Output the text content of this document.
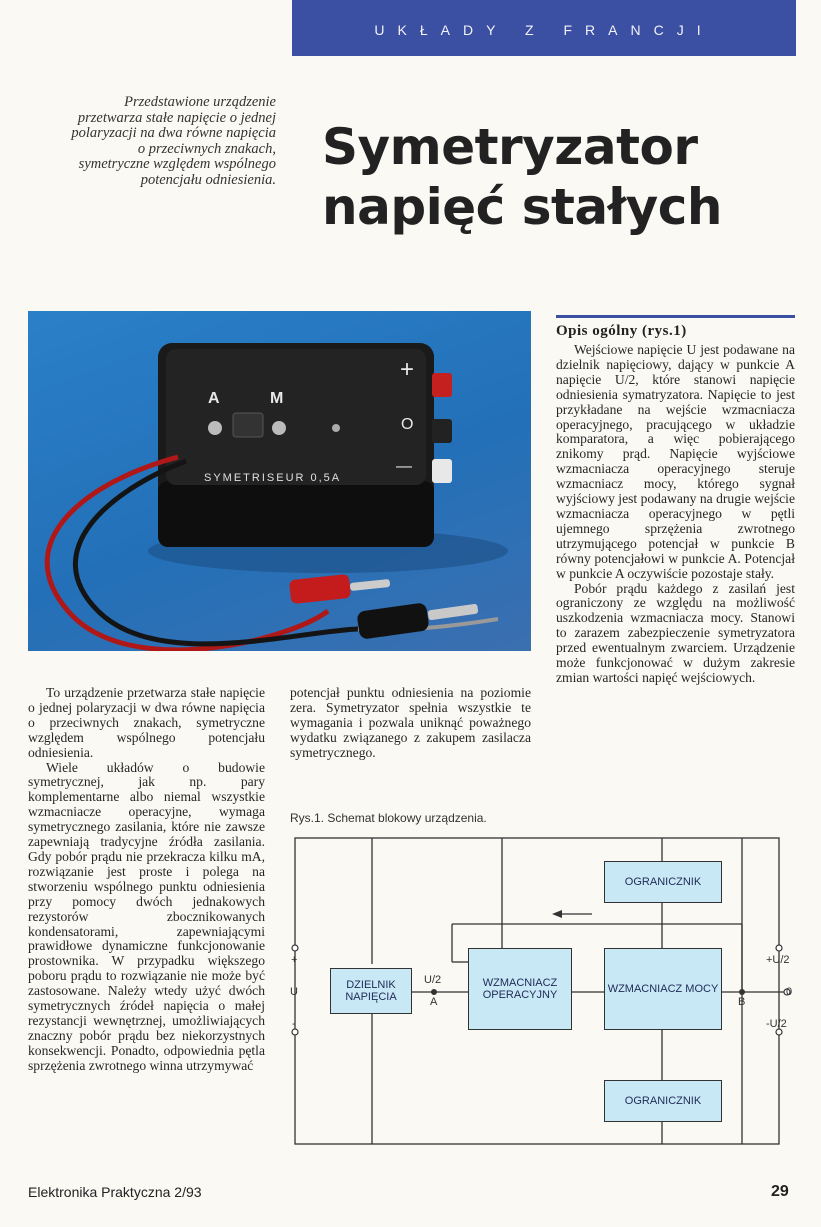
UKŁADY Z FRANCJI
Przedstawione urządzenie przetwarza stałe napięcie o jednej polaryzacji na dwa równe napięcia o przeciwnych znakach, symetryczne względem wspólnego potencjału odniesienia.
Symetryzator
napięć stałych
A	M
SYMETRISEUR 0,5A
+
O
—
Opis ogólny (rys.1)

Wejściowe napięcie U jest podawane na dzielnik napięciowy, dający w punkcie A napięcie U/2, które stanowi napięcie odniesienia symatryzatora. Napięcie to jest przykładane na wejście wzmacniacza operacyjnego, pracującego w układzie komparatora, a więc pobierającego znikomy prąd. Napięcie wyjściowe wzmacniacza operacyjnego steruje wzmacniacz mocy, którego sygnał wyjściowy jest podawany na drugie wejście wzmacniacza operacyjnego w pętli ujemnego sprzężenia zwrotnego utrzymującego potencjał w punkcie B równy potencjałowi w punkcie A. Potencjał w punkcie A oczywiście pozostaje stały.

Pobór prądu każdego z zasilań jest ograniczony ze względu na możliwość uszkodzenia wzmacniacza mocy. Stanowi to zarazem zabezpieczenie symetryzatora przed ewentualnym zwarciem. Urządzenie może funkcjonować w dużym zakresie zmian wartości napięć wejściowych.

To urządzenie przetwarza stałe napięcie o jednej polaryzacji w dwa równe napięcia o przeciwnych znakach, symetryczne względem wspólnego potencjału odniesienia.

Wiele układów o budowie symetrycznej, jak np. pary komplementarne albo niemal wszystkie wzmacniacze operacyjne, wymaga symetrycznego zasilania, które nie zawsze zapewniają tradycyjne źródła zasilania. Gdy pobór prądu nie przekracza kilku mA, rozwiązanie jest proste i polega na stworzeniu wspólnego punktu odniesienia przy pomocy dwóch jednakowych rezystorów zbocznikowanych kondensatorami, zapewniającymi prawidłowe dynamiczne funkcjonowanie prostownika. W przypadku większego poboru prądu to rozwiązanie nie może być zastosowane. Należy wtedy użyć dwóch symetrycznych źródeł napięcia o małej rezystancji wewnętrznej, umożliwiających znaczny pobór prądu bez niekorzystnych konsekwencji. Ponadto, odpowiednia pętla sprzężenia zwrotnego winna utrzymywać

potencjał punktu odniesienia na poziomie zera. Symetryzator spełnia wszystkie te wymagania i pozwala uniknąć poważnego wydatku związanego z zakupem zasilacza symetrycznego.

Rys.1. Schemat blokowy urządzenia.
DZIELNIK NAPIĘCIA
WZMACNIACZ OPERACYJNY	WZMACNIACZ MOCY
OGRANICZNIK
OGRANICZNIK
U/2
A	B
+
U
-
+U/2
0
-U/2
Elektronika Praktyczna 2/93	29
